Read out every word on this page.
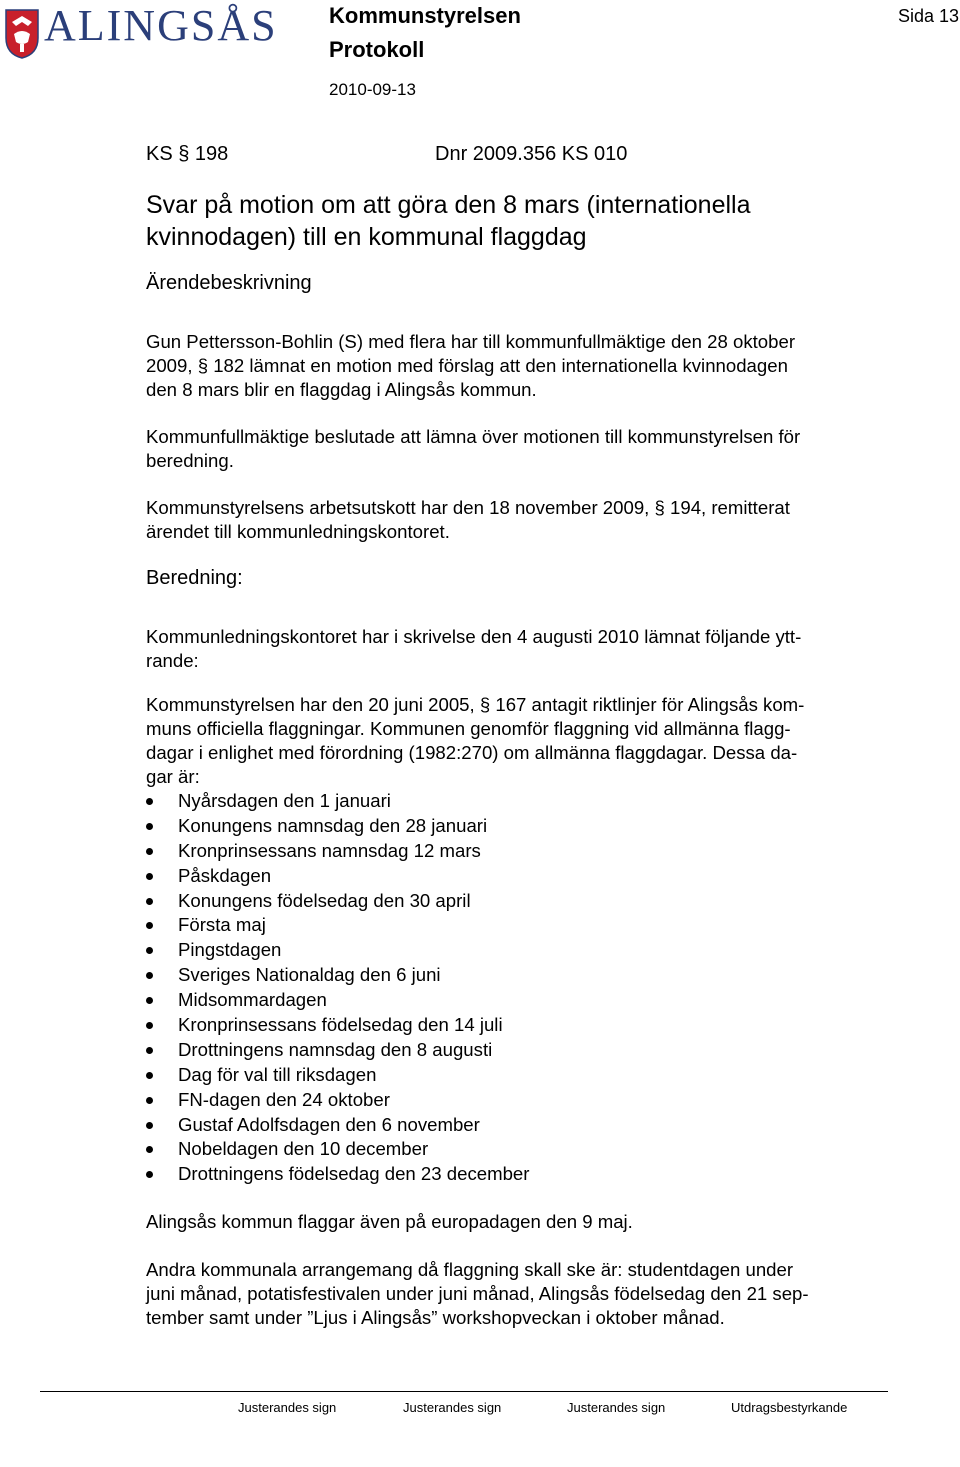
ALINGSÅS Kommunstyrelsen
Protokoll
2010-09-13
Sida 13
KS § 198	Dnr 2009.356 KS 010
Svar på motion om att göra den 8 mars (internationella
kvinnodagen) till en kommunal flaggdag
Ärendebeskrivning

Gun Pettersson-Bohlin (S) med flera har till kommunfullmäktige den 28 oktober
2009, § 182 lämnat en motion med förslag att den internationella kvinnodagen
den 8 mars blir en flaggdag i Alingsås kommun.

Kommunfullmäktige beslutade att lämna över motionen till kommunstyrelsen för
beredning.

Kommunstyrelsens arbetsutskott har den 18 november 2009, § 194, remitterat
ärendet till kommunledningskontoret.

Beredning:

Kommunledningskontoret har i skrivelse den 4 augusti 2010 lämnat följande ytt-
rande:

Kommunstyrelsen har den 20 juni 2005, § 167 antagit riktlinjer för Alingsås kom-
muns officiella flaggningar. Kommunen genomför flaggning vid allmänna flagg-
dagar i enlighet med förordning (1982:270) om allmänna flaggdagar. Dessa da-
gar är:

Nyårsdagen den 1 januari
Konungens namnsdag den 28 januari
Kronprinsessans namnsdag 12 mars
Påskdagen
Konungens födelsedag den 30 april
Första maj
Pingstdagen
Sveriges Nationaldag den 6 juni
Midsommardagen
Kronprinsessans födelsedag den 14 juli
Drottningens namnsdag den 8 augusti
Dag för val till riksdagen
FN-dagen den 24 oktober
Gustaf Adolfsdagen den 6 november
Nobeldagen den 10 december
Drottningens födelsedag den 23 december

Alingsås kommun flaggar även på europadagen den 9 maj.

Andra kommunala arrangemang då flaggning skall ske är: studentdagen under
juni månad, potatisfestivalen under juni månad, Alingsås födelsedag den 21 sep-
tember samt under ”Ljus i Alingsås” workshopveckan i oktober månad.

Justerandes sign	Justerandes sign	Justerandes sign	Utdragsbestyrkande
